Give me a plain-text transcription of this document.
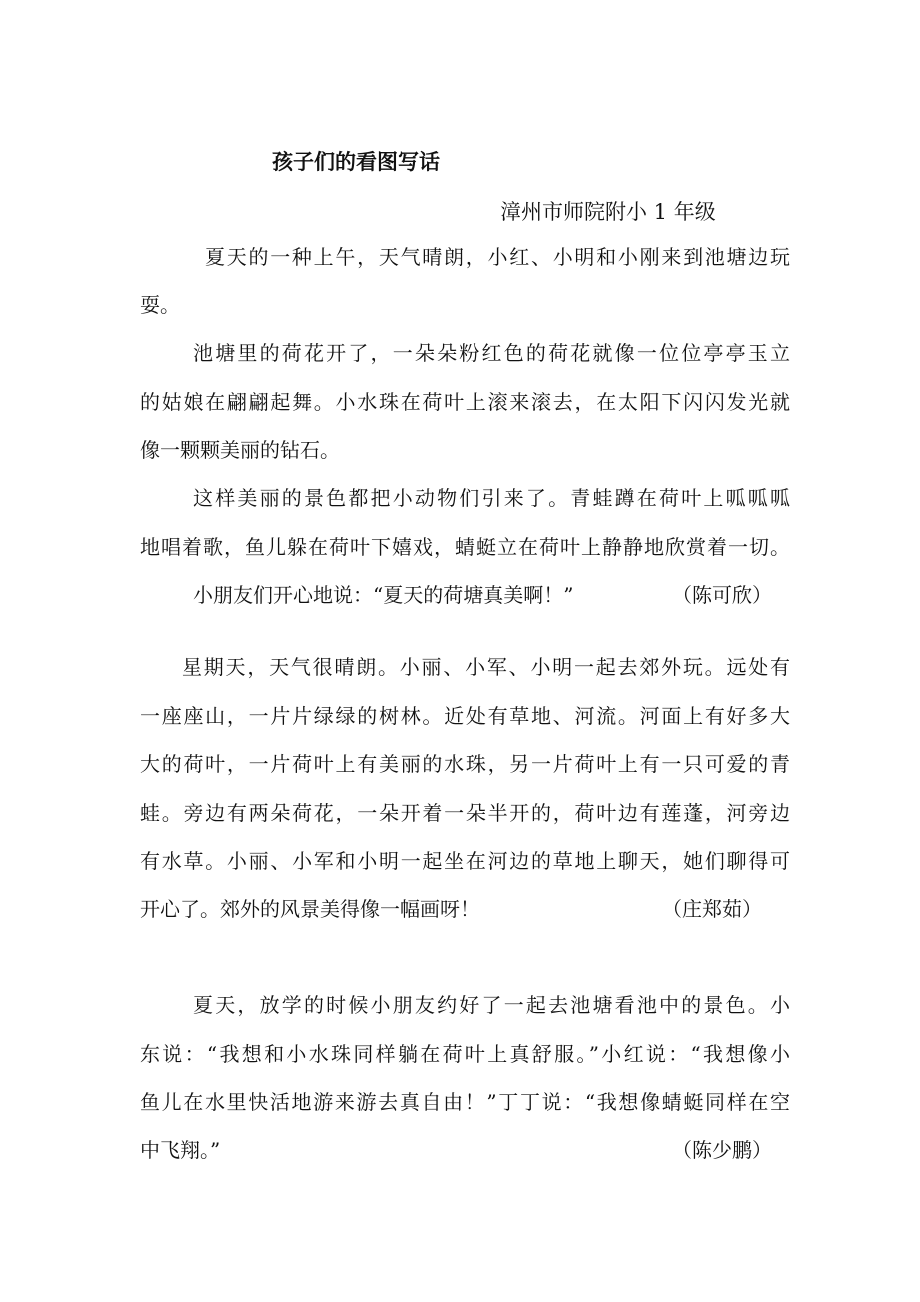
孩子们的看图写话
漳州市师院附小 1 年级
夏天的一种上午，天气晴朗，小红、小明和小刚来到池塘边玩
耍。
池塘里的荷花开了，一朵朵粉红色的荷花就像一位位亭亭玉立
的姑娘在翩翩起舞。小水珠在荷叶上滚来滚去，在太阳下闪闪发光就
像一颗颗美丽的钻石。
这样美丽的景色都把小动物们引来了。青蛙蹲在荷叶上呱呱呱
地唱着歌，鱼儿躲在荷叶下嬉戏，蜻蜓立在荷叶上静静地欣赏着一切。
小朋友们开心地说：“夏天的荷塘真美啊！”	（陈可欣）
星期天，天气很晴朗。小丽、小军、小明一起去郊外玩。远处有
一座座山，一片片绿绿的树林。近处有草地、河流。河面上有好多大
大的荷叶，一片荷叶上有美丽的水珠，另一片荷叶上有一只可爱的青
蛙。旁边有两朵荷花，一朵开着一朵半开的，荷叶边有莲蓬，河旁边
有水草。小丽、小军和小明一起坐在河边的草地上聊天，她们聊得可
开心了。郊外的风景美得像一幅画呀！	（庄郑茹）
夏天，放学的时候小朋友约好了一起去池塘看池中的景色。小
东说：“我想和小水珠同样躺在荷叶上真舒服。”小红说：“我想像小
鱼儿在水里快活地游来游去真自由！”丁丁说：“我想像蜻蜓同样在空
中飞翔。”	（陈少鹏）
